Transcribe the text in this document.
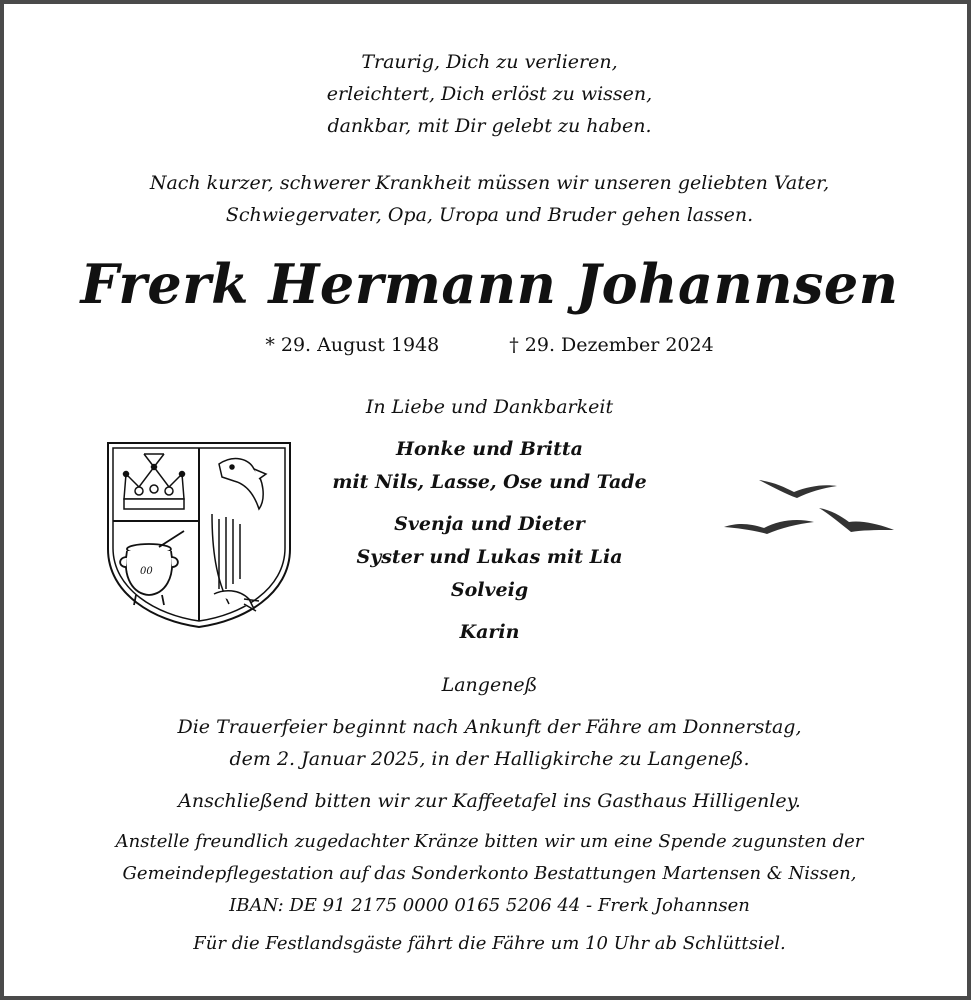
Traurig, Dich zu verlieren,
erleichtert, Dich erlöst zu wissen,
dankbar, mit Dir gelebt zu haben.
Nach kurzer, schwerer Krankheit müssen wir unseren geliebten Vater,
Schwiegervater, Opa, Uropa und Bruder gehen lassen.
Frerk Hermann Johannsen
* 29. August 1948	† 29. Dezember 2024
In Liebe und Dankbarkeit
Honke und Britta
mit Nils, Lasse, Ose und Tade
Svenja und Dieter
Syster und Lukas mit Lia
Solveig
Karin
Langeneß
Die Trauerfeier beginnt nach Ankunft der Fähre am Donnerstag,
dem 2. Januar 2025, in der Halligkirche zu Langeneß.
Anschließend bitten wir zur Kaffeetafel ins Gasthaus Hilligenley.
Anstelle freundlich zugedachter Kränze bitten wir um eine Spende zugunsten der
Gemeindepflegestation auf das Sonderkonto Bestattungen Martensen & Nissen,
IBAN: DE 91 2175 0000 0165 5206 44 - Frerk Johannsen
Für die Festlandsgäste fährt die Fähre um 10 Uhr ab Schlüttsiel.
00
